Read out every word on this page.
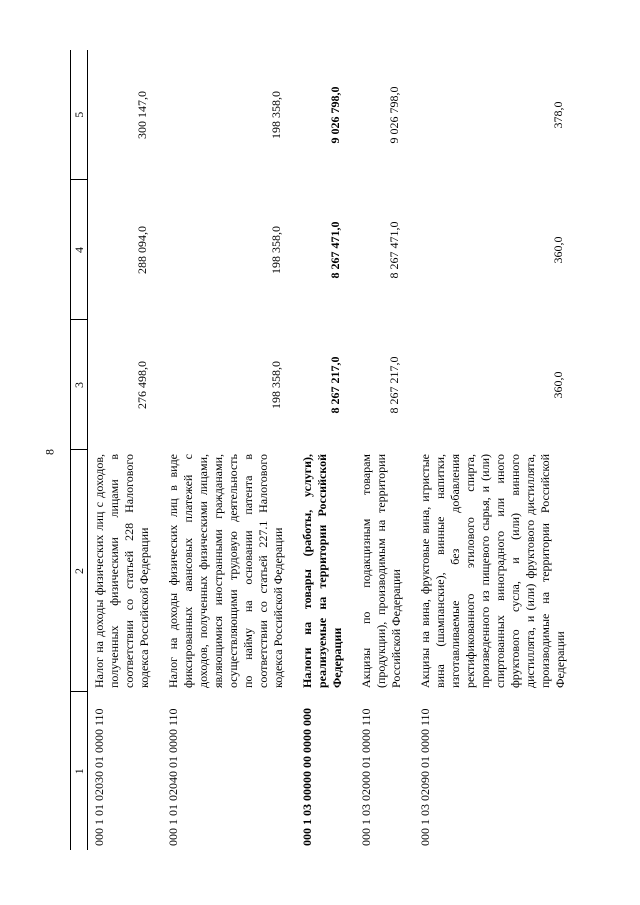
8
1	2	3	4	5
000 1 01 02030 01 0000 110	Налог на доходы физических лиц с доходов, полученных физическими лицами в соответствии со статьей 228 Налогового кодекса Российской Федерации	276 498,0	288 094,0	300 147,0
000 1 01 02040 01 0000 110	Налог на доходы физических лиц в виде фиксированных авансовых платежей с доходов, полученных физическими лицами, являющимися иностранными гражданами, осуществляющими трудовую деятельность по найму на основании патента в соответствии со статьей 227.1 Налогового кодекса Российской Федерации	198 358,0	198 358,0	198 358,0
000 1 03 00000 00 0000 000	Налоги на товары (работы, услуги), реализуемые на территории Российской Федерации	8 267 217,0	8 267 471,0	9 026 798,0
000 1 03 02000 01 0000 110	Акцизы по подакцизным товарам (продукции), производимым на территории Российской Федерации	8 267 217,0	8 267 471,0	9 026 798,0
000 1 03 02090 01 0000 110	Акцизы на вина, фруктовые вина, игристые вина (шампанские), винные напитки, изготавливаемые без добавления ректификованного этилового спирта, произведенного из пищевого сырья, и (или) спиртованных виноградного или иного фруктового сусла, и (или) винного дистиллята, и (или) фруктового дистиллята, производимые на территории Российской Федерации	360,0	360,0	378,0
